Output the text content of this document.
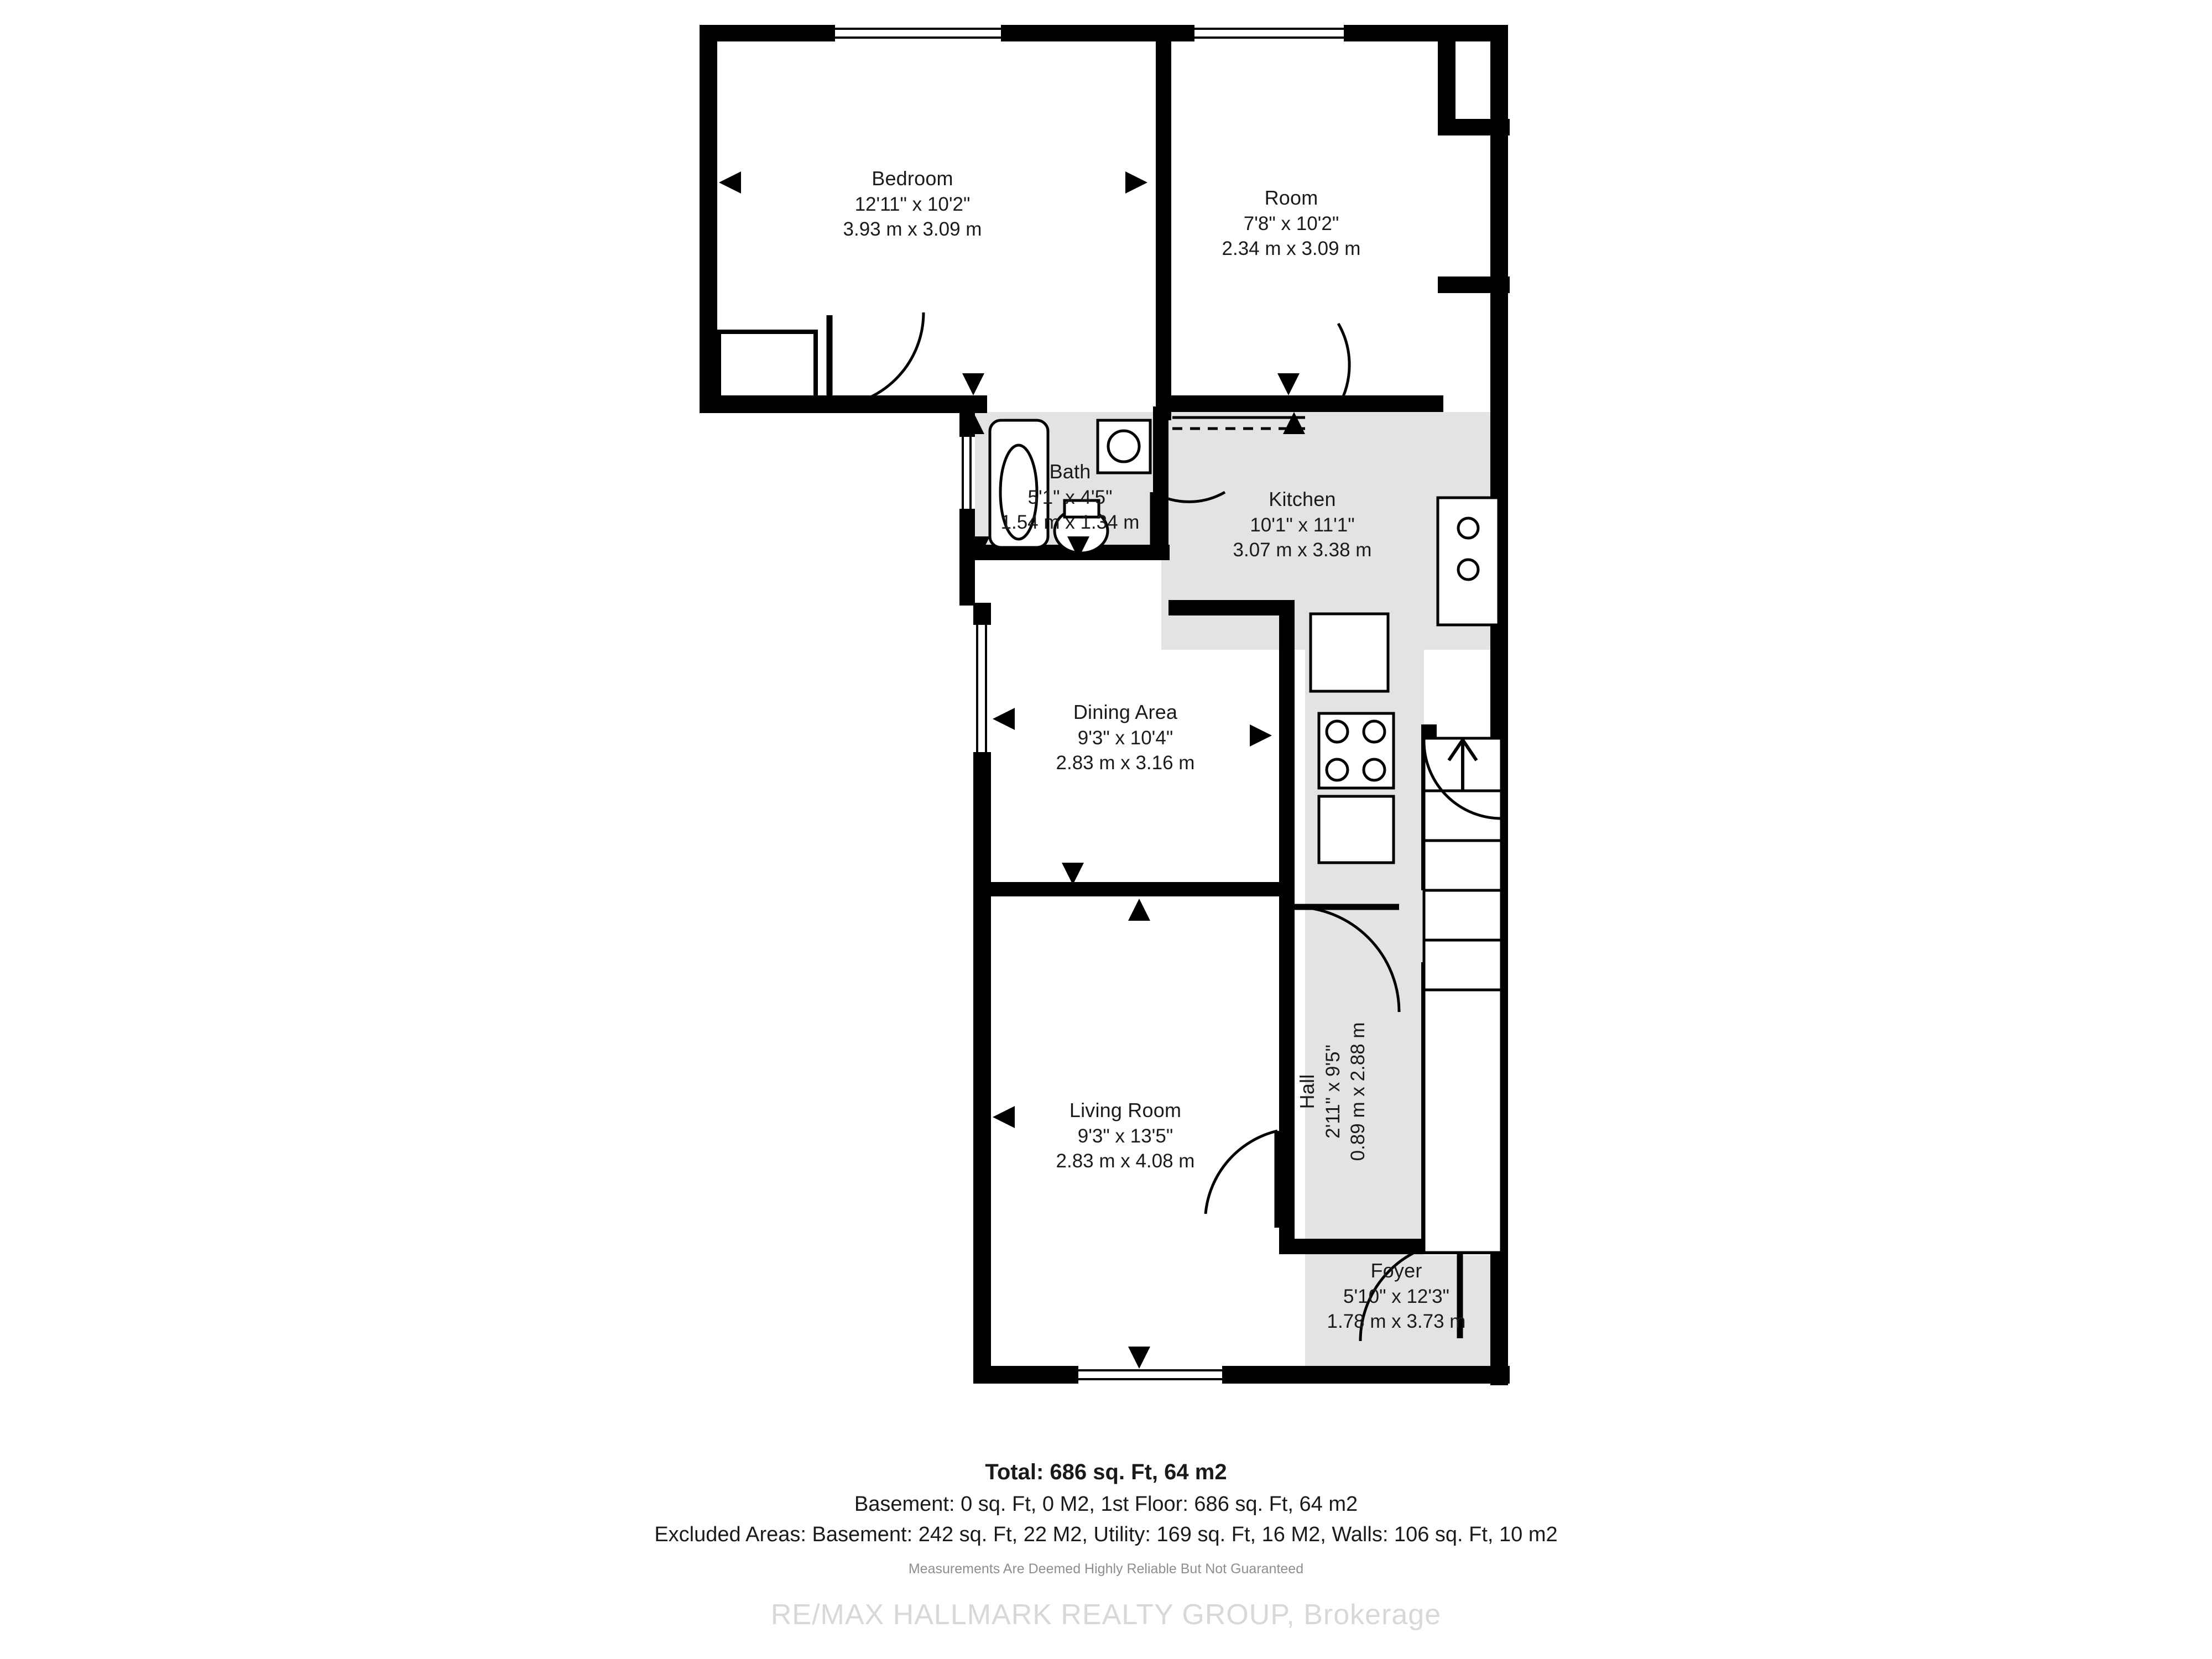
Bedroom
12'11" x 10'2"
3.93 m x 3.09 m
Room
7'8" x 10'2"
2.34 m x 3.09 m
Bath
5'1" x 4'5"
1.54 m x 1.34 m
Kitchen
10'1" x 11'1"
3.07 m x 3.38 m
Dining Area
9'3" x 10'4"
2.83 m x 3.16 m
Living Room
9'3" x 13'5"
2.83 m x 4.08 m
Hall 2'11" x 9'5" 0.89 m x 2.88 m
Foyer
5'10" x 12'3"
1.78 m x 3.73 m
Total: 686 sq. Ft, 64 m2
Basement: 0 sq. Ft, 0 M2, 1st Floor: 686 sq. Ft, 64 m2
Excluded Areas: Basement: 242 sq. Ft, 22 M2, Utility: 169 sq. Ft, 16 M2, Walls: 106 sq. Ft, 10 m2
Measurements Are Deemed Highly Reliable But Not Guaranteed
RE/MAX HALLMARK REALTY GROUP, Brokerage
